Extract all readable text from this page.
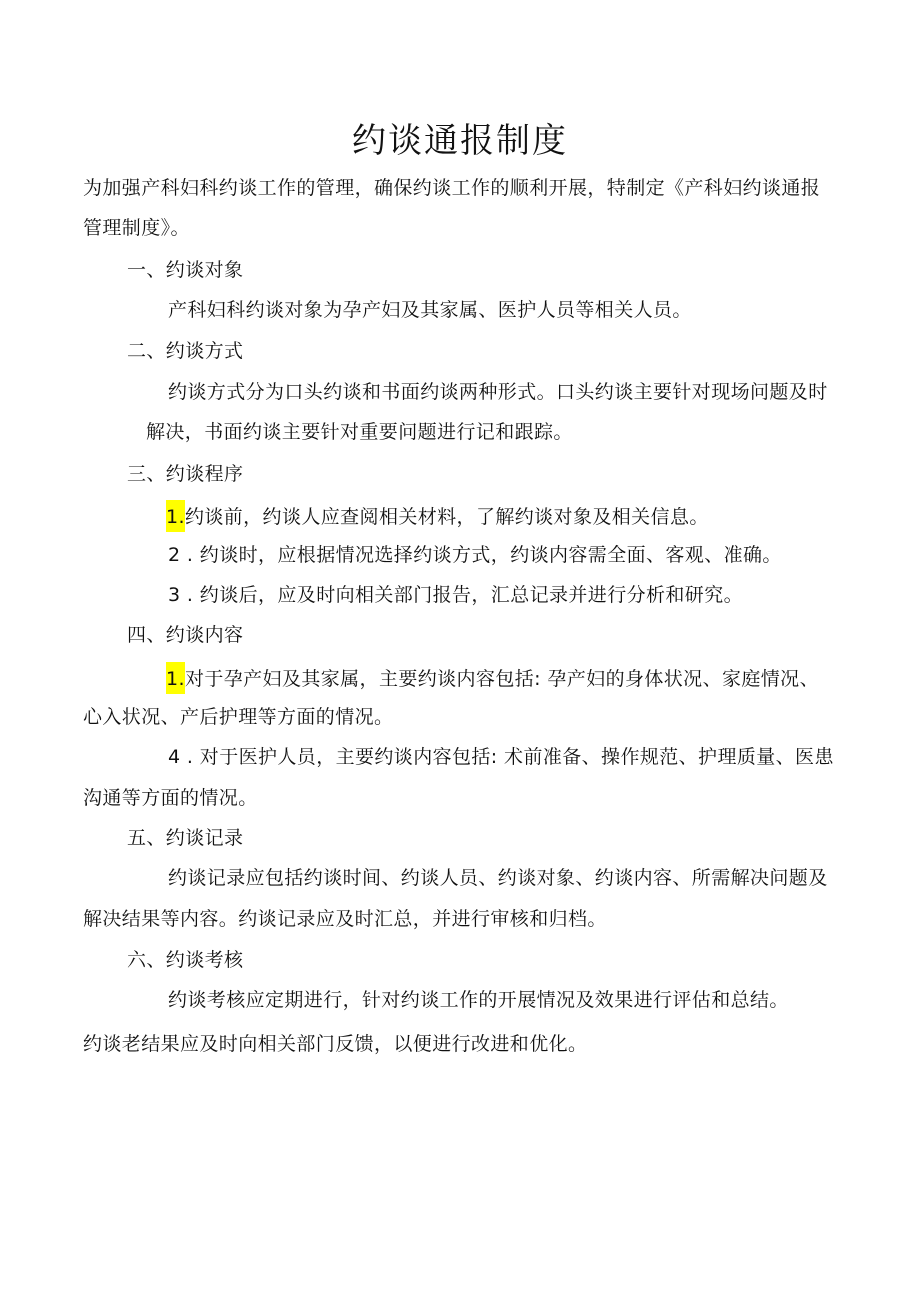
约谈通报制度
为加强产科妇科约谈工作的管理，确保约谈工作的顺利开展，特制定《产科妇约谈通报
管理制度》。
一、约谈对象
产科妇科约谈对象为孕产妇及其家属、医护人员等相关人员。
二、约谈方式
约谈方式分为口头约谈和书面约谈两种形式。口头约谈主要针对现场问题及时
解决，书面约谈主要针对重要问题进行记和跟踪。
三、约谈程序
1.约谈前，约谈人应查阅相关材料，了解约谈对象及相关信息。
2 . 约谈时，应根据情况选择约谈方式，约谈内容需全面、客观、准确。
3 . 约谈后，应及时向相关部门报告，汇总记录并进行分析和研究。
四、约谈内容
1.对于孕产妇及其家属，主要约谈内容包括: 孕产妇的身体状况、家庭情况、
心入状况、产后护理等方面的情况。
4 . 对于医护人员，主要约谈内容包括: 术前准备、操作规范、护理质量、医患
沟通等方面的情况。
五、约谈记录
约谈记录应包括约谈时间、约谈人员、约谈对象、约谈内容、所需解决问题及
解决结果等内容。约谈记录应及时汇总，并进行审核和归档。
六、约谈考核
约谈考核应定期进行，针对约谈工作的开展情况及效果进行评估和总结。
约谈老结果应及时向相关部门反馈，以便进行改进和优化。
